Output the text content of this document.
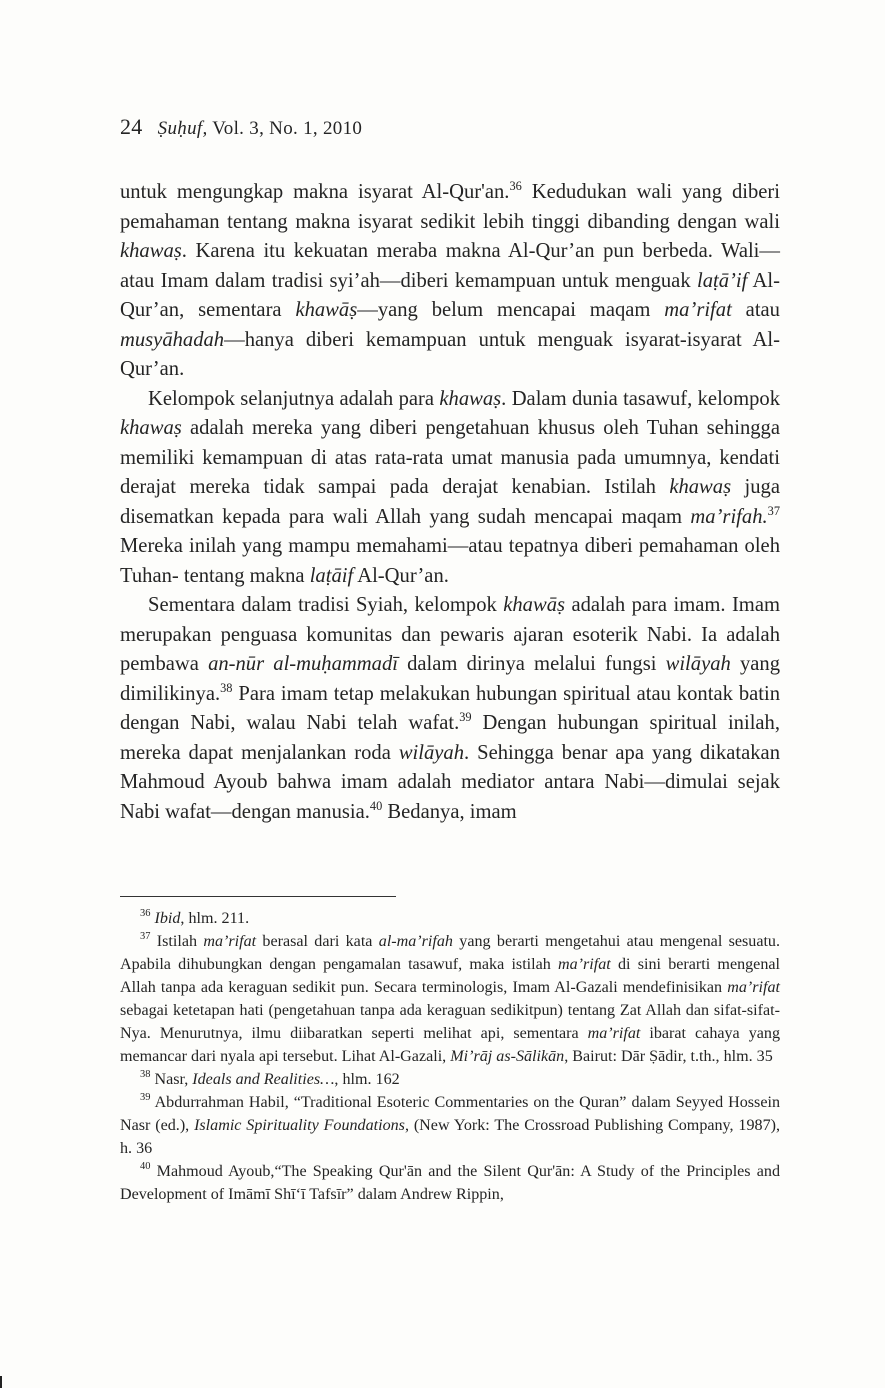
24 Ṣuḥuf, Vol. 3, No. 1, 2010

untuk mengungkap makna isyarat Al-Qur'an.$^{36}$ Kedudukan wali yang diberi pemahaman tentang makna isyarat sedikit lebih tinggi dibanding dengan wali khawaṣ. Karena itu kekuatan meraba makna Al-Qur’an pun berbeda. Wali—atau Imam dalam tradisi syi’ah—diberi kemampuan untuk menguak laṭā’if Al-Qur’an, sementara khawāṣ—yang belum mencapai maqam ma’rifat atau musyāhadah—hanya diberi kemampuan untuk menguak isyarat-isyarat Al-Qur’an.

Kelompok selanjutnya adalah para khawaṣ. Dalam dunia tasawuf, kelompok khawaṣ adalah mereka yang diberi pengetahuan khusus oleh Tuhan sehingga memiliki kemampuan di atas rata-rata umat manusia pada umumnya, kendati derajat mereka tidak sampai pada derajat kenabian. Istilah khawaṣ juga disematkan kepada para wali Allah yang sudah mencapai maqam ma’rifah.$^{37}$ Mereka inilah yang mampu memahami—atau tepatnya diberi pemahaman oleh Tuhan- tentang makna laṭāif Al-Qur’an.

Sementara dalam tradisi Syiah, kelompok khawāṣ adalah para imam. Imam merupakan penguasa komunitas dan pewaris ajaran esoterik Nabi. Ia adalah pembawa an-nūr al-muḥammadī dalam dirinya melalui fungsi wilāyah yang dimilikinya.$^{38}$ Para imam tetap melakukan hubungan spiritual atau kontak batin dengan Nabi, walau Nabi telah wafat.$^{39}$ Dengan hubungan spiritual inilah, mereka dapat menjalankan roda wilāyah. Sehingga benar apa yang dikatakan Mahmoud Ayoub bahwa imam adalah mediator antara Nabi—dimulai sejak Nabi wafat—dengan manusia.$^{40}$ Bedanya, imam

$^{36}$ Ibid, hlm. 211.

$^{37}$ Istilah ma’rifat berasal dari kata al-ma’rifah yang berarti mengetahui atau mengenal sesuatu. Apabila dihubungkan dengan pengamalan tasawuf, maka istilah ma’rifat di sini berarti mengenal Allah tanpa ada keraguan sedikit pun. Secara terminologis, Imam Al-Gazali mendefinisikan ma’rifat sebagai ketetapan hati (pengetahuan tanpa ada keraguan sedikitpun) tentang Zat Allah dan sifat-sifat-Nya. Menurutnya, ilmu diibaratkan seperti melihat api, sementara ma’rifat ibarat cahaya yang memancar dari nyala api tersebut. Lihat Al-Gazali, Mi’rāj as-Sālikān, Bairut: Dār Ṣādir, t.th., hlm. 35

$^{38}$ Nasr, Ideals and Realities…, hlm. 162

$^{39}$ Abdurrahman Habil, “Traditional Esoteric Commentaries on the Quran” dalam Seyyed Hossein Nasr (ed.), Islamic Spirituality Foundations, (New York: The Crossroad Publishing Company, 1987), h. 36

$^{40}$ Mahmoud Ayoub,“The Speaking Qur'ān and the Silent Qur'ān: A Study of the Principles and Development of Imāmī Shī‘ī Tafsīr” dalam Andrew Rippin,
